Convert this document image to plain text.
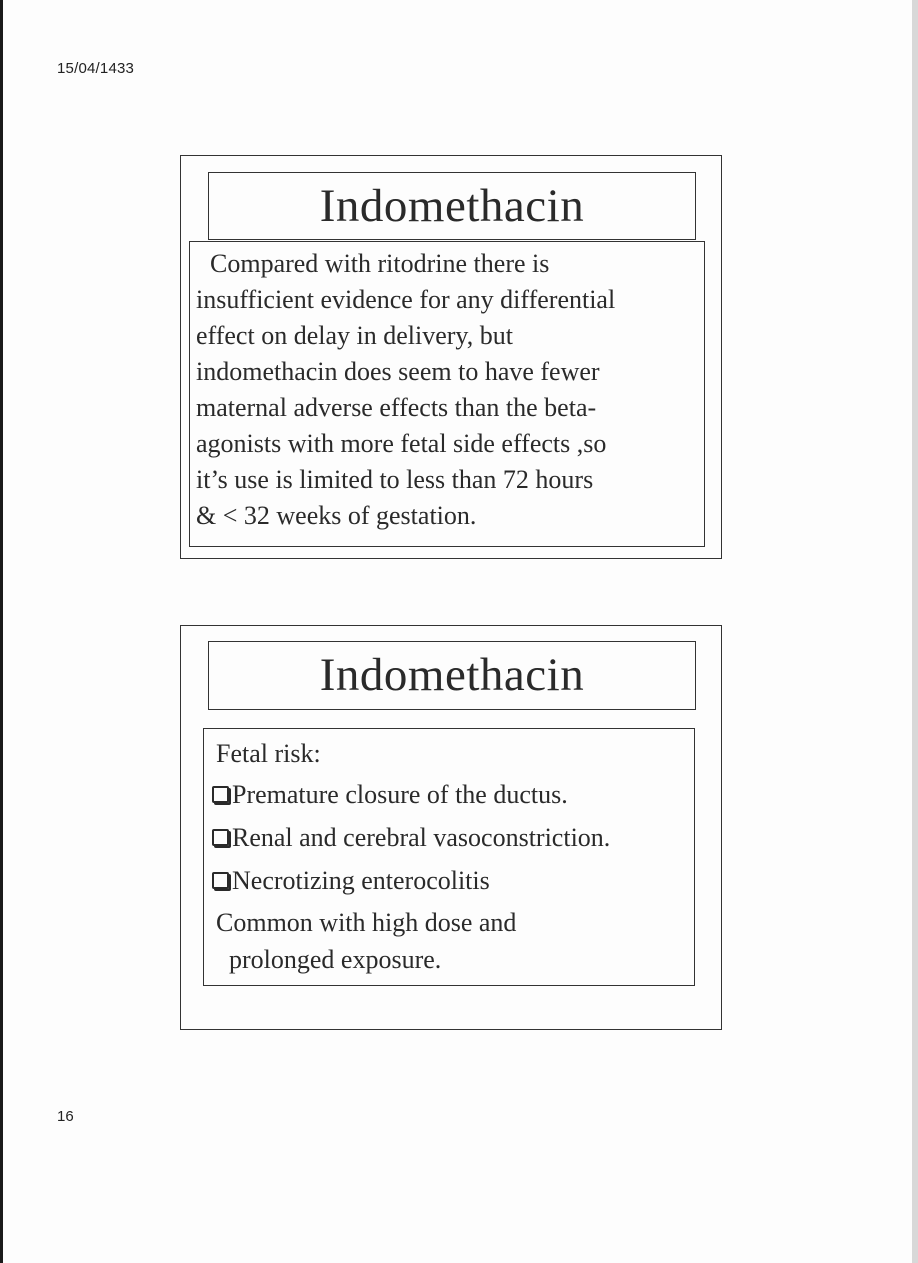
15/04/1433
Indomethacin
Compared with ritodrine there is
insufficient evidence for any differential
effect on delay in delivery, but
indomethacin does seem to have fewer
maternal adverse effects than the beta-
agonists with more fetal side effects ,so
it’s use is limited to less than 72 hours
& < 32 weeks of gestation.
Indomethacin
Fetal risk:
Premature closure of the ductus.
Renal and cerebral vasoconstriction.
Necrotizing enterocolitis
Common with high dose and
prolonged exposure.
16
